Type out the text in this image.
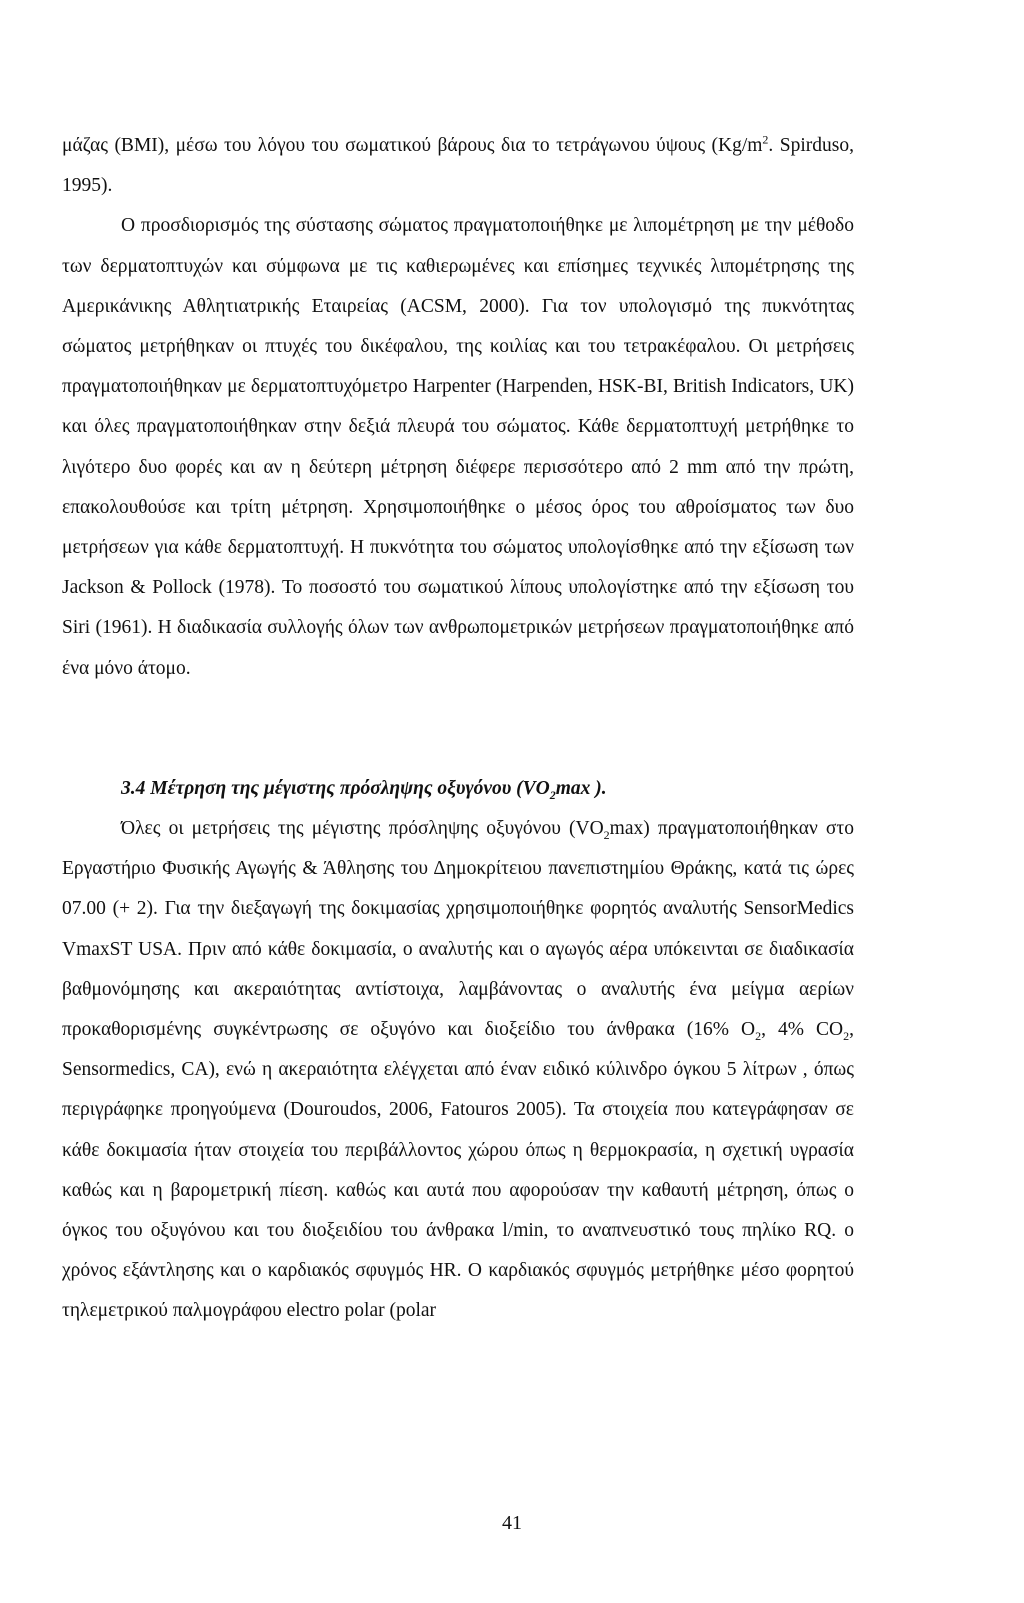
μάζας (BMI), μέσω του λόγου του σωματικού βάρους δια το τετράγωνου ύψους ($Kg/m^2$. Spirduso, 1995).

Ο προσδιορισμός της σύστασης σώματος πραγματοποιήθηκε με λιπομέτρηση με την μέθοδο των δερματοπτυχών και σύμφωνα με τις καθιερωμένες και επίσημες τεχνικές λιπομέτρησης της Αμερικάνικης Αθλητιατρικής Εταιρείας (ACSM, 2000). Για τον υπολογισμό της πυκνότητας σώματος μετρήθηκαν οι πτυχές του δικέφαλου, της κοιλίας και του τετρακέφαλου. Οι μετρήσεις πραγματοποιήθηκαν με δερματοπτυχόμετρο Harpenter (Harpenden, HSK-BI, British Indicators, UK) και όλες πραγματοποιήθηκαν στην δεξιά πλευρά του σώματος. Κάθε δερματοπτυχή μετρήθηκε το λιγότερο δυο φορές και αν η δεύτερη μέτρηση διέφερε περισσότερο από 2 mm από την πρώτη, επακολουθούσε και τρίτη μέτρηση. Χρησιμοποιήθηκε ο μέσος όρος του αθροίσματος των δυο μετρήσεων για κάθε δερματοπτυχή. Η πυκνότητα του σώματος υπολογίσθηκε από την εξίσωση των Jackson & Pollock (1978). Το ποσοστό του σωματικού λίπους υπολογίστηκε από την εξίσωση του Siri (1961). Η διαδικασία συλλογής όλων των ανθρωπομετρικών μετρήσεων πραγματοποιήθηκε από ένα μόνο άτομο.

3.4 Μέτρηση της μέγιστης πρόσληψης οξυγόνου ($VO_2\max$ ).

Όλες οι μετρήσεις της μέγιστης πρόσληψης οξυγόνου $(VO_2\max)$ πραγματοποιήθηκαν στο Εργαστήριο Φυσικής Αγωγής & Άθλησης του Δημοκρίτειου πανεπιστημίου Θράκης, κατά τις ώρες 07.00 (+ 2). Για την διεξαγωγή της δοκιμασίας χρησιμοποιήθηκε φορητός αναλυτής SensorMedics VmaxST USA. Πριν από κάθε δοκιμασία, ο αναλυτής και ο αγωγός αέρα υπόκεινται σε διαδικασία βαθμονόμησης και ακεραιότητας αντίστοιχα, λαμβάνοντας ο αναλυτής ένα μείγμα αερίων προκαθορισμένης συγκέντρωσης σε οξυγόνο και διοξείδιο του άνθρακα (16% $O_2$, 4% $CO_2$, Sensormedics, CA), ενώ η ακεραιότητα ελέγχεται από έναν ειδικό κύλινδρο όγκου 5 λίτρων , όπως περιγράφηκε προηγούμενα (Douroudos, 2006, Fatouros 2005). Τα στοιχεία που κατεγράφησαν σε κάθε δοκιμασία ήταν στοιχεία του περιβάλλοντος χώρου όπως η θερμοκρασία, η σχετική υγρασία καθώς και η βαρομετρική πίεση. καθώς και αυτά που αφορούσαν την καθαυτή μέτρηση, όπως ο όγκος του οξυγόνου και του διοξειδίου του άνθρακα l/min, το αναπνευστικό τους πηλίκο RQ. ο χρόνος εξάντλησης και ο καρδιακός σφυγμός HR. Ο καρδιακός σφυγμός μετρήθηκε μέσο φορητού τηλεμετρικού παλμογράφου electro polar (polar

41
